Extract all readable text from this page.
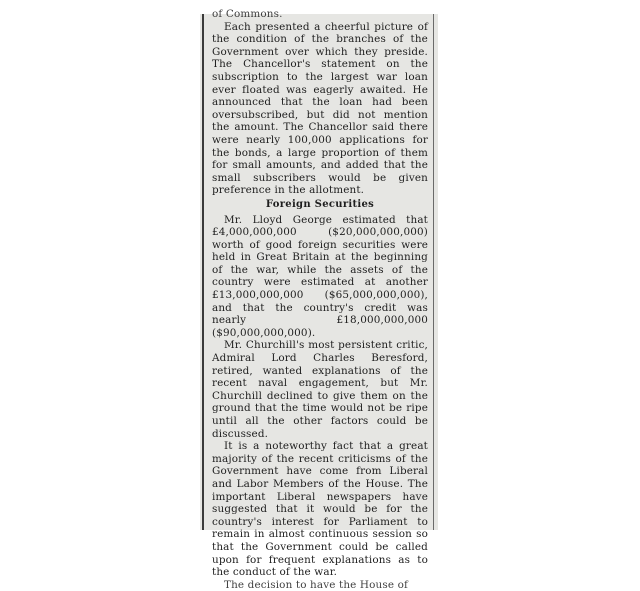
of Commons.

Each presented a cheerful picture of the condition of the branches of the Government over which they preside. The Chancellor's statement on the subscription to the largest war loan ever floated was eagerly awaited. He announced that the loan had been oversubscribed, but did not mention the amount. The Chancellor said there were nearly 100,000 applications for the bonds, a large proportion of them for small amounts, and added that the small subscribers would be given preference in the allotment.

Foreign Securities

Mr. Lloyd George estimated that £4,000,000,000 ($20,000,000,000) worth of good foreign securities were held in Great Britain at the beginning of the war, while the assets of the country were estimated at another £13,000,000,000 ($65,000,000,000), and that the country's credit was nearly £18,000,000,000 ($90,000,000,000).

Mr. Churchill's most persistent critic, Admiral Lord Charles Beresford, retired, wanted explanations of the recent naval engagement, but Mr. Churchill declined to give them on the ground that the time would not be ripe until all the other factors could be discussed.

It is a noteworthy fact that a great majority of the recent criticisms of the Government have come from Liberal and Labor Members of the House. The important Liberal newspapers have suggested that it would be for the country's interest for Parliament to remain in almost continuous session so that the Government could be called upon for frequent explanations as to the conduct of the war.

The decision to have the House of
